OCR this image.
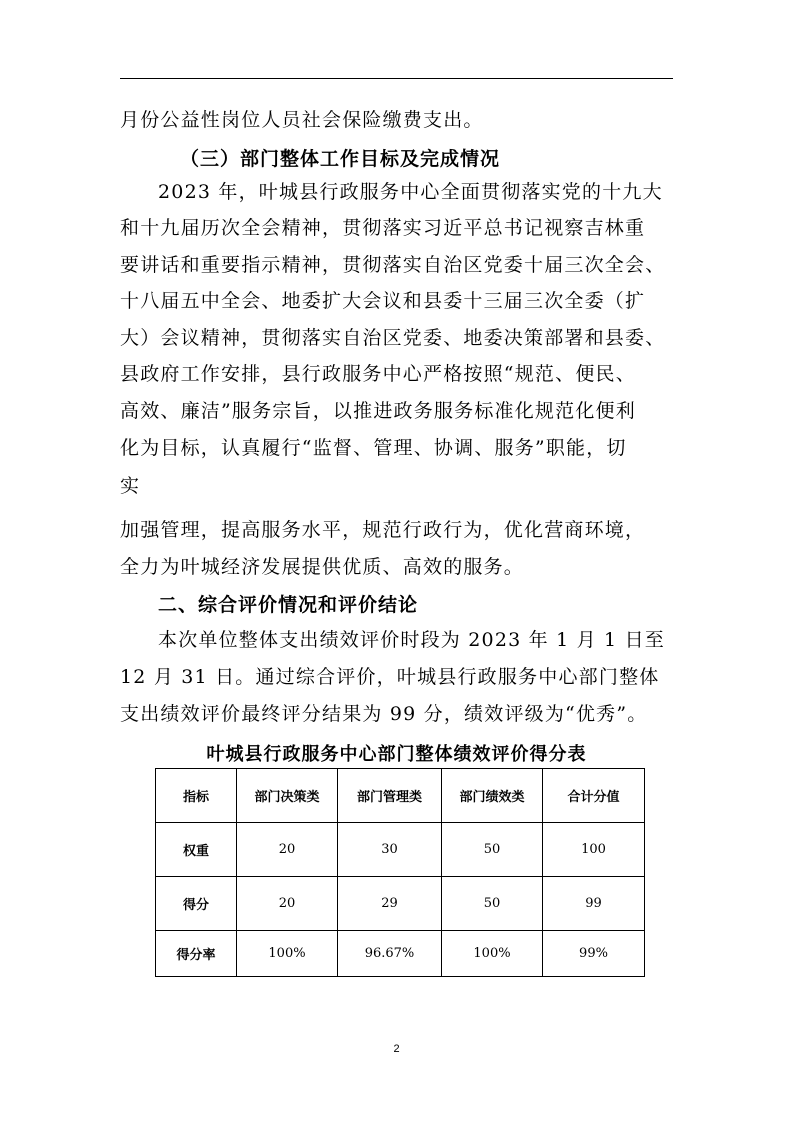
月份公益性岗位人员社会保险缴费支出。
（三）部门整体工作目标及完成情况
2023 年，叶城县行政服务中心全面贯彻落实党的十九大
和十九届历次全会精神，贯彻落实习近平总书记视察吉林重
要讲话和重要指示精神，贯彻落实自治区党委十届三次全会、
十八届五中全会、地委扩大会议和县委十三届三次全委（扩
大）会议精神，贯彻落实自治区党委、地委决策部署和县委、
县政府工作安排，县行政服务中心严格按照“规范、便民、
高效、廉洁”服务宗旨，以推进政务服务标准化规范化便利
化为目标，认真履行“监督、管理、协调、服务”职能，切
实
加强管理，提高服务水平，规范行政行为，优化营商环境，
全力为叶城经济发展提供优质、高效的服务。
二、综合评价情况和评价结论
本次单位整体支出绩效评价时段为 2023 年 1 月 1 日至
12 月 31 日。通过综合评价，叶城县行政服务中心部门整体
支出绩效评价最终评分结果为 99 分，绩效评级为“优秀”。
叶城县行政服务中心部门整体绩效评价得分表
指标	部门决策类	部门管理类	部门绩效类	合计分值
权重	20	30	50	100
得分	20	29	50	99
得分率	100%	96.67%	100%	99%
2
